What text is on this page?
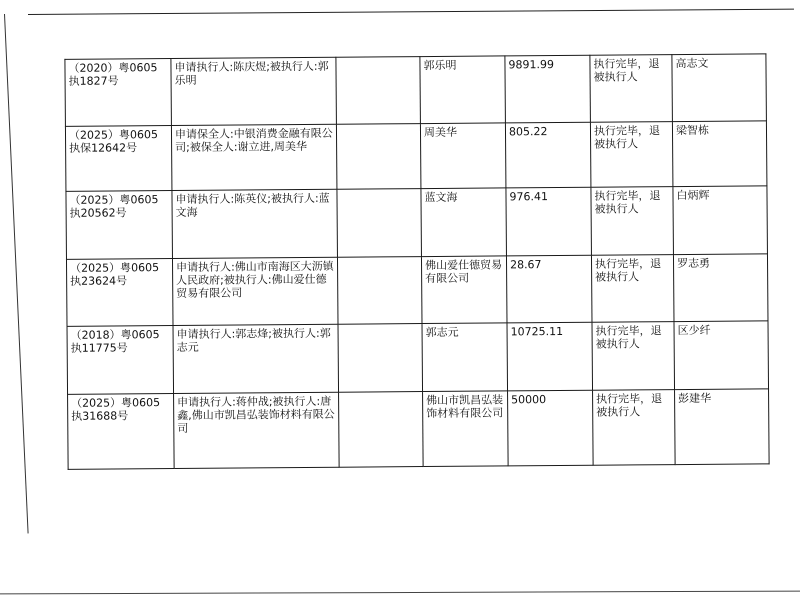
（2020）粤0605执1827号	申请执行人:陈庆煜;被执行人:郭乐明		郭乐明	9891.99	执行完毕，退被执行人	高志文
（2025）粤0605执保12642号	申请保全人:中银消费金融有限公司;被保全人:谢立进,周美华		周美华	805.22	执行完毕，退被执行人	梁智栋
（2025）粤0605执20562号	申请执行人:陈英仪;被执行人:蓝文海		蓝文海	976.41	执行完毕，退被执行人	白炳辉
（2025）粤0605执23624号	申请执行人:佛山市南海区大沥镇人民政府;被执行人:佛山爱仕德贸易有限公司		佛山爱仕德贸易有限公司	28.67	执行完毕，退被执行人	罗志勇
（2018）粤0605执11775号	申请执行人:郭志烽;被执行人:郭志元		郭志元	10725.11	执行完毕，退被执行人	区少纤
（2025）粤0605执31688号	申请执行人:蒋仲战;被执行人:唐鑫,佛山市凯昌弘装饰材料有限公司		佛山市凯昌弘装饰材料有限公司	50000	执行完毕，退被执行人	彭建华
